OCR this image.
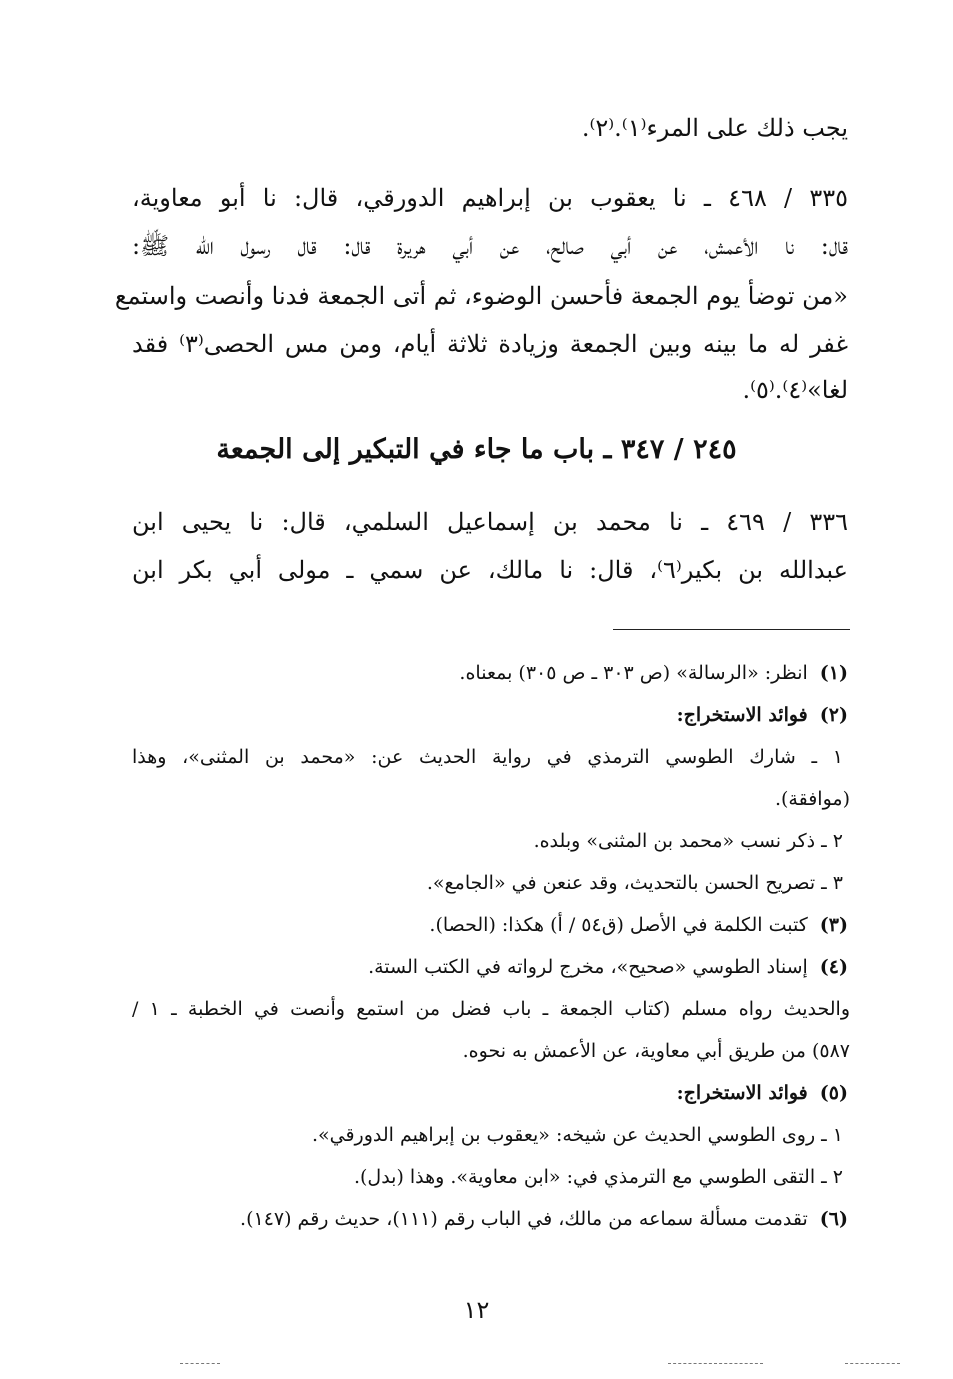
يجب ذلك على المرء⁽١⁾.⁽٢⁾.
٣٣٥ / ٤٦٨ ـ نا يعقوب بن إبراهيم الدورقي، قال: نا أبو معاوية،
قال: نا الأعمش، عن أبي صالح، عن أبي هريرة قال: قال رسول الله ﷺ:
«من توضأ يوم الجمعة فأحسن الوضوء، ثم أتى الجمعة فدنا وأنصت واستمع
غفر له ما بينه وبين الجمعة وزيادة ثلاثة أيام، ومن مس الحصى⁽٣⁾ فقد
لغا»⁽٤⁾.⁽٥⁾.
٢٤٥ / ٣٤٧ ـ باب ما جاء في التبكير إلى الجمعة
٣٣٦ / ٤٦٩ ـ نا محمد بن إسماعيل السلمي، قال: نا يحيى ابن
عبدالله بن بكير⁽٦⁾، قال: نا مالك، عن سمي ـ مولى أبي بكر ابن
(١)انظر: «الرسالة» (ص ٣٠٣ ـ ص ٣٠٥) بمعناه.
(٢)فوائد الاستخراج:
١ ـ شارك الطوسي الترمذي في رواية الحديث عن: «محمد بن المثنى»، وهذا
(موافقة).
٢ ـ ذكر نسب «محمد بن المثنى» وبلده.
٣ ـ تصريح الحسن بالتحديث، وقد عنعن في «الجامع».
(٣)كتبت الكلمة في الأصل (ق٥٤ / أ) هكذا: (الحصا).
(٤)إسناد الطوسي «صحيح»، مخرج لرواته في الكتب الستة.
والحديث رواه مسلم (كتاب الجمعة ـ باب فضل من استمع وأنصت في الخطبة ـ ١ /
٥٨٧) من طريق أبي معاوية، عن الأعمش به نحوه.
(٥)فوائد الاستخراج:
١ ـ روى الطوسي الحديث عن شيخه: «يعقوب بن إبراهيم الدورقي».
٢ ـ التقى الطوسي مع الترمذي في: «ابن معاوية». وهذا (بدل).
(٦)تقدمت مسألة سماعه من مالك، في الباب رقم (١١١)، حديث رقم (١٤٧).
١٢
